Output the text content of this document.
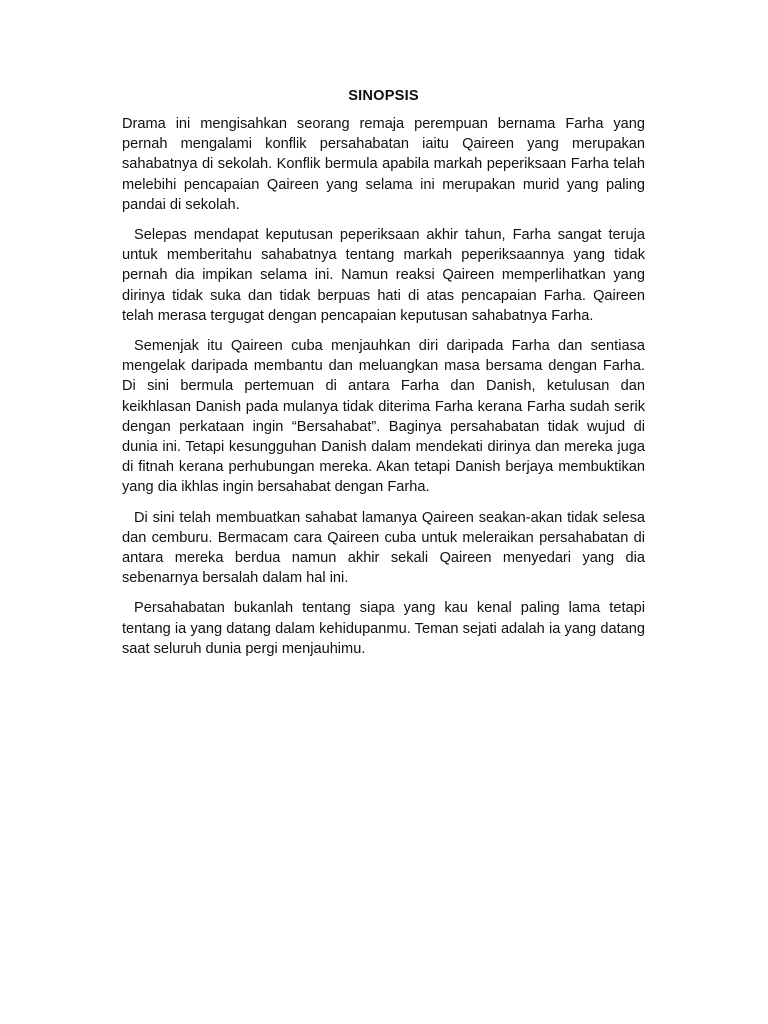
SINOPSIS

Drama ini mengisahkan seorang remaja perempuan bernama Farha yang pernah mengalami konflik persahabatan iaitu Qaireen yang merupakan sahabatnya di sekolah. Konflik bermula apabila markah peperiksaan Farha telah melebihi pencapaian Qaireen yang selama ini merupakan murid yang paling pandai di sekolah.

Selepas mendapat keputusan peperiksaan akhir tahun, Farha sangat teruja untuk memberitahu sahabatnya tentang markah peperiksaannya yang tidak pernah dia impikan selama ini. Namun reaksi Qaireen memperlihatkan yang dirinya tidak suka dan tidak berpuas hati di atas pencapaian Farha. Qaireen telah merasa tergugat dengan pencapaian keputusan sahabatnya Farha.

Semenjak itu Qaireen cuba menjauhkan diri daripada Farha dan sentiasa mengelak daripada membantu dan meluangkan masa bersama dengan Farha. Di sini bermula pertemuan di antara Farha dan Danish, ketulusan dan keikhlasan Danish pada mulanya tidak diterima Farha kerana Farha sudah serik dengan perkataan ingin “Bersahabat”. Baginya persahabatan tidak wujud di dunia ini. Tetapi kesungguhan Danish dalam mendekati dirinya dan mereka juga di fitnah kerana perhubungan mereka. Akan tetapi Danish berjaya membuktikan yang dia ikhlas ingin bersahabat dengan Farha.

Di sini telah membuatkan sahabat lamanya Qaireen seakan-akan tidak selesa dan cemburu. Bermacam cara Qaireen cuba untuk meleraikan persahabatan di antara mereka berdua namun akhir sekali Qaireen menyedari yang dia sebenarnya bersalah dalam hal ini.

Persahabatan bukanlah tentang siapa yang kau kenal paling lama tetapi tentang ia yang datang dalam kehidupanmu. Teman sejati adalah ia yang datang saat seluruh dunia pergi menjauhimu.
